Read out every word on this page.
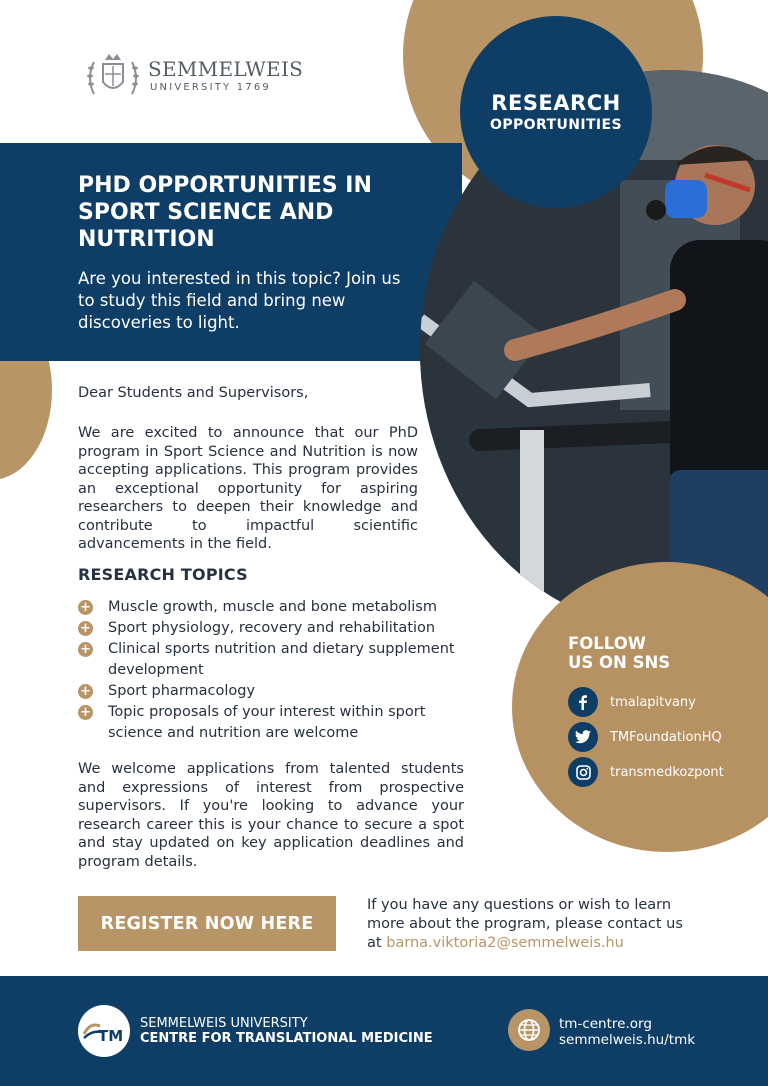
RESEARCH
OPPORTUNITIES
SEMMELWEIS
UNIVERSITY 1769
PHD OPPORTUNITIES IN SPORT SCIENCE AND NUTRITION
Are you interested in this topic? Join us to study this field and bring new discoveries to light.
Dear Students and Supervisors,
We are excited to announce that our PhD program in Sport Science and Nutrition is now accepting applications. This program provides an exceptional opportunity for aspiring researchers to deepen their knowledge and contribute to impactful scientific advancements in the field.
RESEARCH TOPICS
+ Muscle growth, muscle and bone metabolism
+ Sport physiology, recovery and rehabilitation
+ Clinical sports nutrition and dietary supplement development
+ Sport pharmacology
+ Topic proposals of your interest within sport science and nutrition are welcome
We welcome applications from talented students and expressions of interest from prospective supervisors. If you're looking to advance your research career this is your chance to secure a spot and stay updated on key application deadlines and program details.
REGISTER NOW HERE
If you have any questions or wish to learn more about the program, please contact us at barna.viktoria2@semmelweis.hu
FOLLOW
US ON SNS
tmalapitvany
TMFoundationHQ
transmedkozpont
TM
SEMMELWEIS UNIVERSITY
CENTRE FOR TRANSLATIONAL MEDICINE
tm-centre.org
semmelweis.hu/tmk
